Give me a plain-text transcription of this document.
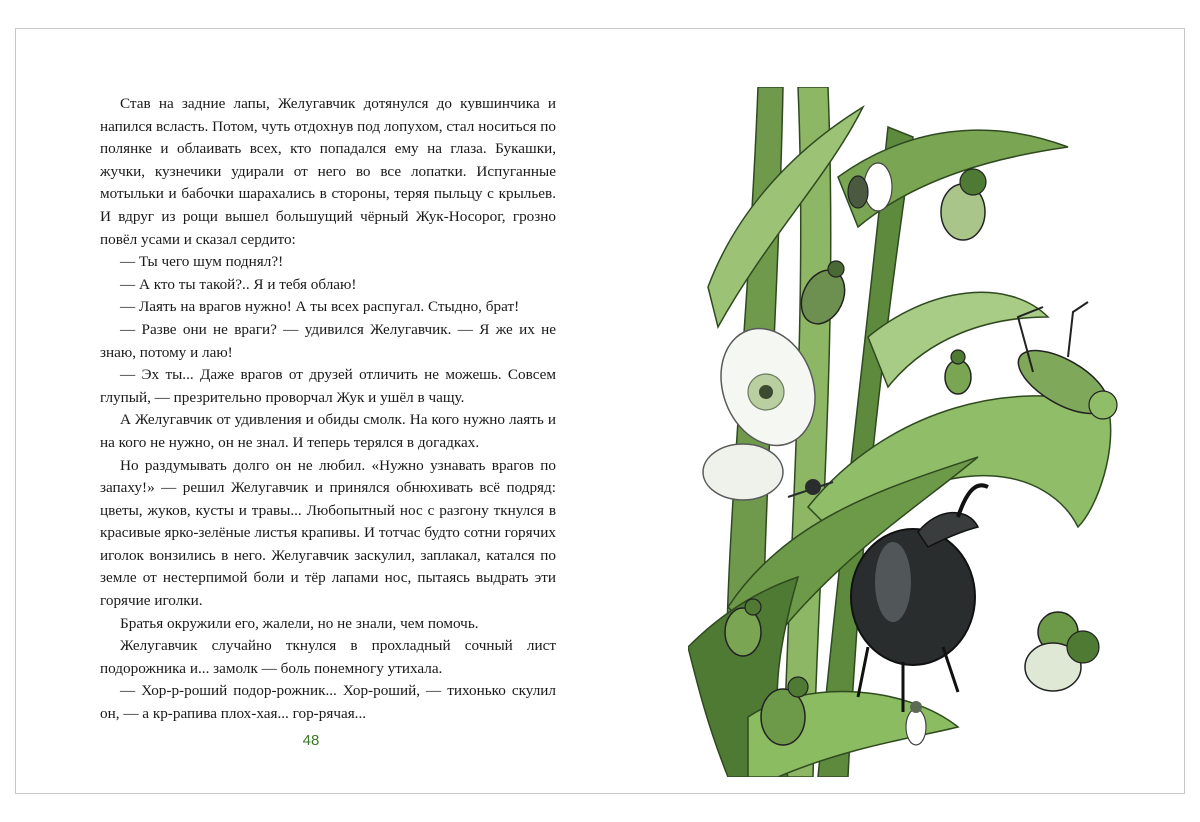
Став на задние лапы, Желугавчик дотянулся до кувшинчика и напился всласть. Потом, чуть отдохнув под лопухом, стал носиться по полянке и облаивать всех, кто попадался ему на глаза. Букашки, жучки, кузнечики удирали от него во все лопатки. Испуганные мотыльки и бабочки шарахались в стороны, теряя пыльцу с крыльев. И вдруг из рощи вышел большущий чёрный Жук-Носорог, грозно повёл усами и сказал сердито:

— Ты чего шум поднял?!

— А кто ты такой?.. Я и тебя облаю!

— Лаять на врагов нужно! А ты всех распугал. Стыдно, брат!

— Разве они не враги? — удивился Желугавчик. — Я же их не знаю, потому и лаю!

— Эх ты... Даже врагов от друзей отличить не можешь. Совсем глупый, — презрительно проворчал Жук и ушёл в чащу.

А Желугавчик от удивления и обиды смолк. На кого нужно лаять и на кого не нужно, он не знал. И теперь терялся в догадках.

Но раздумывать долго он не любил. «Нужно узнавать врагов по запаху!» — решил Желугавчик и принялся обнюхивать всё подряд: цветы, жуков, кусты и травы... Любопытный нос с разгону ткнулся в красивые ярко-зелёные листья крапивы. И тотчас будто сотни горячих иголок вонзились в него. Желугавчик заскулил, заплакал, катался по земле от нестерпимой боли и тёр лапами нос, пытаясь выдрать эти горячие иголки.

Братья окружили его, жалели, но не знали, чем помочь.

Желугавчик случайно ткнулся в прохладный сочный лист подорожника и... замолк — боль понемногу утихала.

— Хор-р-роший подор-рожник... Хор-роший, — тихонько скулил он, — а кр-рапива плох-хая... гор-рячая...

48
